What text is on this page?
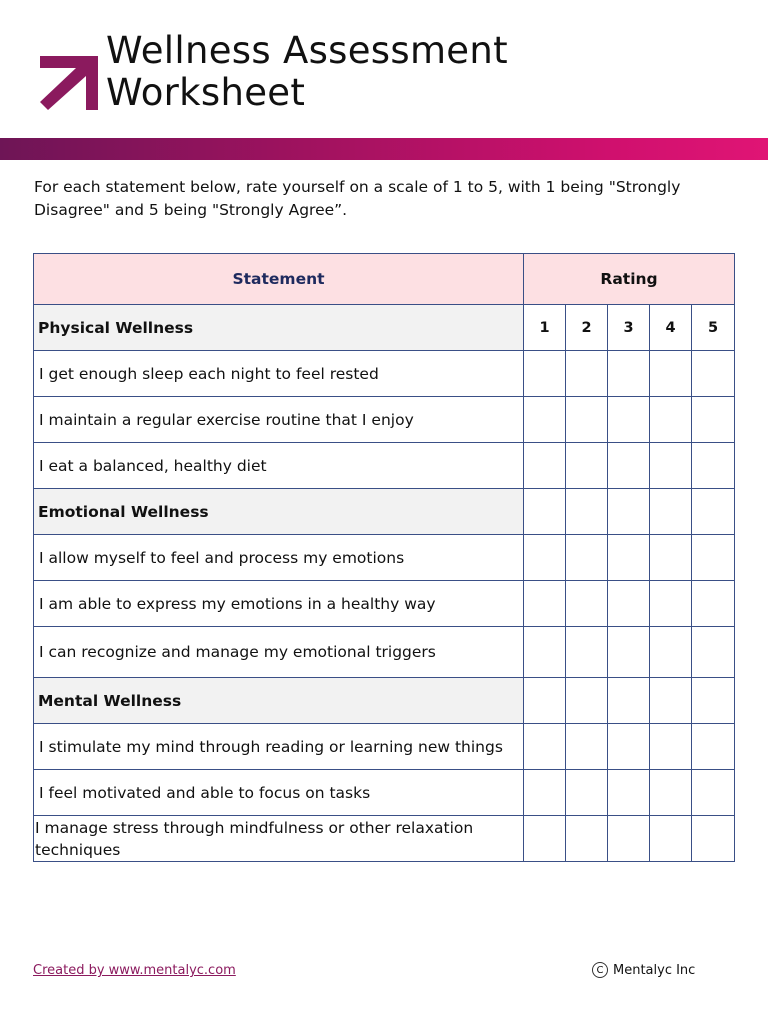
Wellness Assessment
Worksheet

For each statement below, rate yourself on a scale of 1 to 5, with 1 being "Strongly Disagree" and 5 being "Strongly Agree”.

Statement	Rating				
Physical Wellness	1	2	3	4	5
I get enough sleep each night to feel rested					
I maintain a regular exercise routine that I enjoy					
I eat a balanced, healthy diet					
Emotional Wellness					
I allow myself to feel and process my emotions					
I am able to express my emotions in a healthy way					
I can recognize and manage my emotional triggers					
Mental Wellness					
I stimulate my mind through reading or learning new things					
I feel motivated and able to focus on tasks					
I manage stress through mindfulness or other relaxation techniques					
Created by www.mentalyc.com	C Mentalyc Inc
